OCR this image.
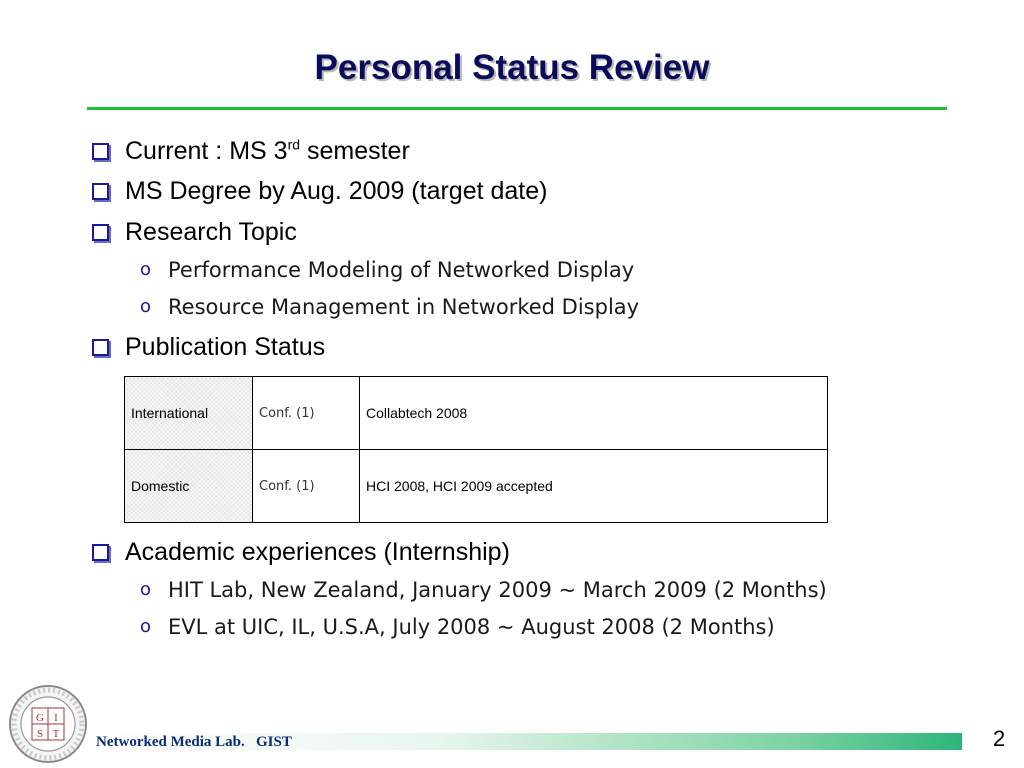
Personal Status Review
Current : MS 3rd semester
MS Degree by Aug. 2009 (target date)
Research Topic
o Performance Modeling of Networked Display
o Resource Management in Networked Display
Publication Status
International	Conf. (1)	Collabtech 2008
Domestic	Conf. (1)	HCI 2008, HCI 2009 accepted
Academic experiences (Internship)
o HIT Lab, New Zealand, January 2009 ~ March 2009 (2 Months)
o EVL at UIC, IL, U.S.A, July 2008 ~ August 2008 (2 Months)
Networked Media Lab.   GIST	2
G I
S T
